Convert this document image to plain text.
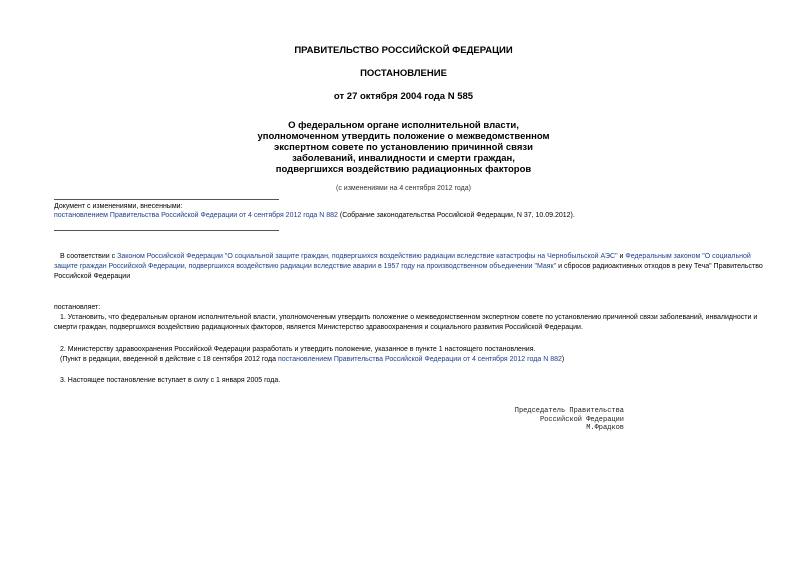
ПРАВИТЕЛЬСТВО РОССИЙСКОЙ ФЕДЕРАЦИИ
ПОСТАНОВЛЕНИЕ
от 27 октября 2004 года N 585
О федеральном органе исполнительной власти,
уполномоченном утвердить положение о межведомственном
экспертном совете по установлению причинной связи
заболеваний, инвалидности и смерти граждан,
подвергшихся воздействию радиационных факторов
(с изменениями на 4 сентября 2012 года)
Документ с изменениями, внесенными:
постановлением Правительства Российской Федерации от 4 сентября 2012 года N 882 (Собрание законодательства Российской Федерации, N 37, 10.09.2012).
В соответствии с Законом Российской Федерации "О социальной защите граждан, подвергшихся воздействию радиации вследствие катастрофы на Чернобыльской АЭС" и Федеральным законом "О социальной защите граждан Российской Федерации, подвергшихся воздействию радиации вследствие аварии в 1957 году на производственном объединении "Маяк" и сбросов радиоактивных отходов в реку Теча" Правительство Российской Федерации
постановляет:
1. Установить, что федеральным органом исполнительной власти, уполномоченным утвердить положение о межведомственном экспертном совете по установлению причинной связи заболеваний, инвалидности и смерти граждан, подвергшихся воздействию радиационных факторов, является Министерство здравоохранения и социального развития Российской Федерации.
2. Министерству здравоохранения Российской Федерации разработать и утвердить положение, указанное в пункте 1 настоящего постановления.
(Пункт в редакции, введенной в действие с 18 сентября 2012 года постановлением Правительства Российской Федерации от 4 сентября 2012 года N 882)
3. Настоящее постановление вступает в силу с 1 января 2005 года.
Председатель Правительства
Российской Федерации
М.Фрадков
